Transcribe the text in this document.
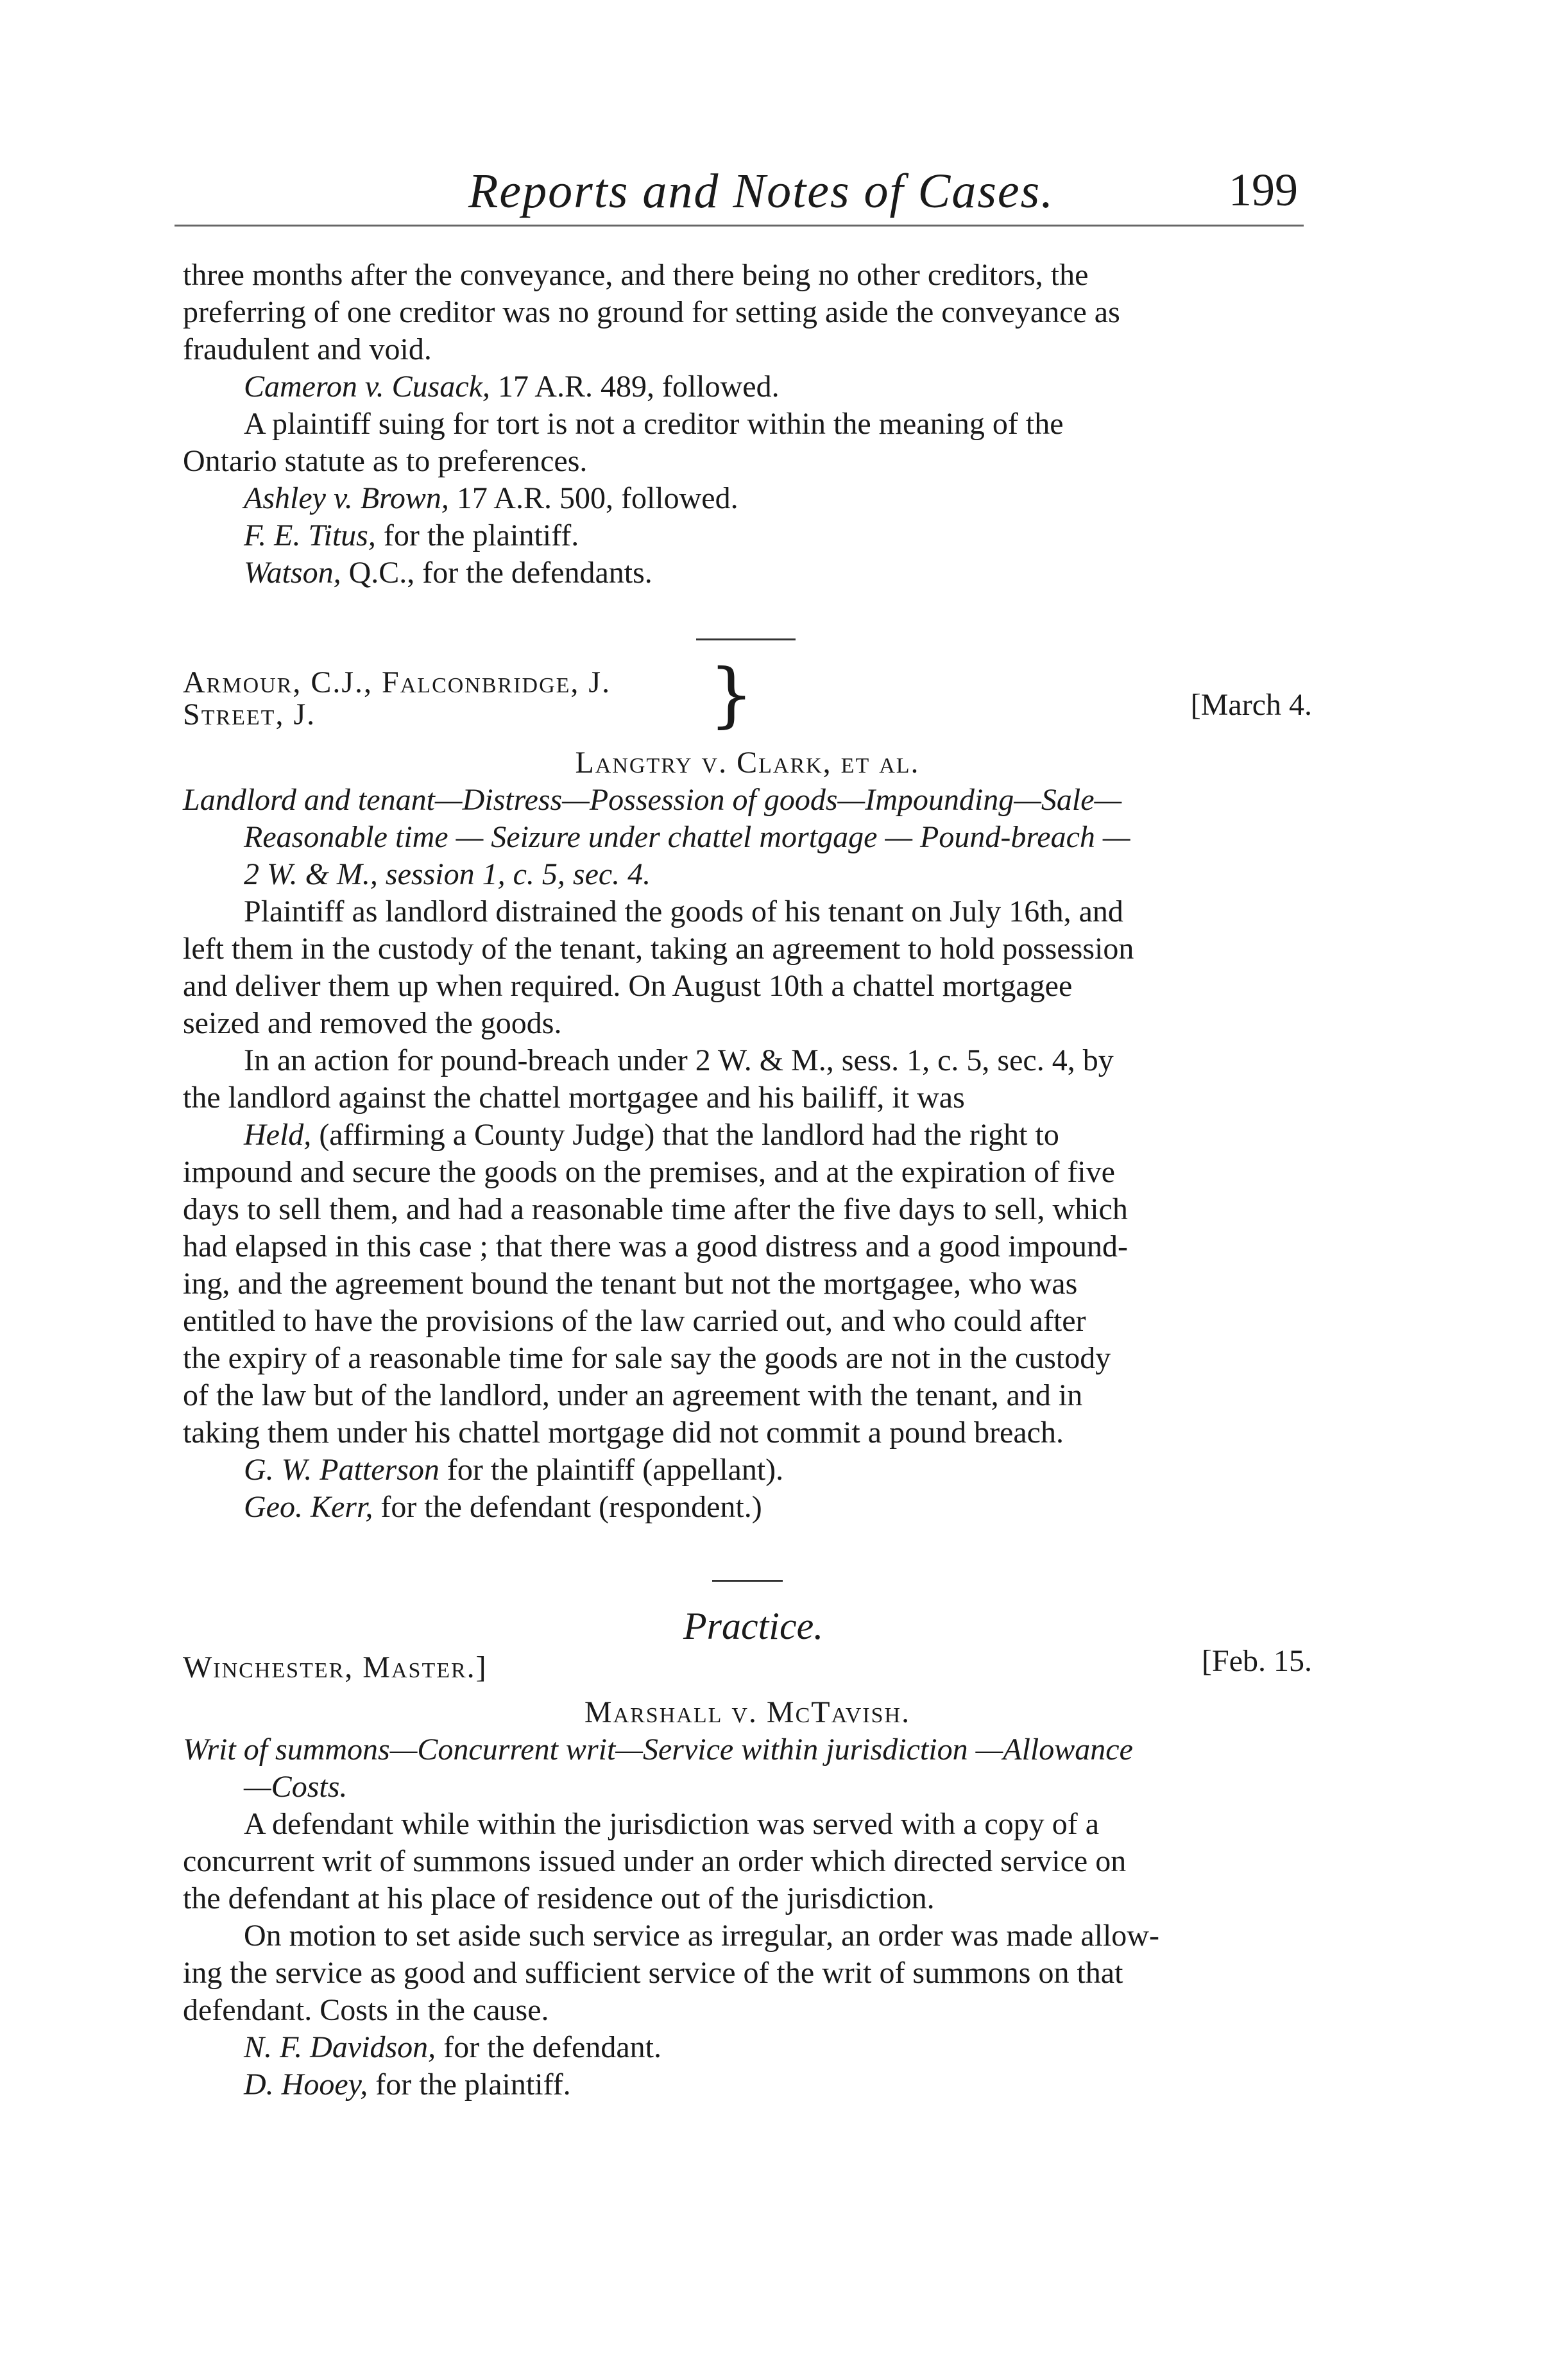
Reports and Notes of Cases.	199
three months after the conveyance, and there being no other creditors, the
preferring of one creditor was no ground for setting aside the conveyance as
fraudulent and void.
Cameron v. Cusack, 17 A.R. 489, followed.
A plaintiff suing for tort is not a creditor within the meaning of the
Ontario statute as to preferences.
Ashley v. Brown, 17 A.R. 500, followed.
F. E. Titus, for the plaintiff.
Watson, Q.C., for the defendants.
Armour, C.J., Falconbridge, J.
Street, J.	}	[March 4.
Langtry v. Clark, et al.
Landlord and tenant—Distress—Possession of goods—Impounding—Sale—
Reasonable time — Seizure under chattel mortgage — Pound-breach —
2 W. & M., session 1, c. 5, sec. 4.
Plaintiff as landlord distrained the goods of his tenant on July 16th, and
left them in the custody of the tenant, taking an agreement to hold possession
and deliver them up when required. On August 10th a chattel mortgagee
seized and removed the goods.
In an action for pound-breach under 2 W. & M., sess. 1, c. 5, sec. 4, by
the landlord against the chattel mortgagee and his bailiff, it was
Held, (affirming a County Judge) that the landlord had the right to
impound and secure the goods on the premises, and at the expiration of five
days to sell them, and had a reasonable time after the five days to sell, which
had elapsed in this case ; that there was a good distress and a good impound-
ing, and the agreement bound the tenant but not the mortgagee, who was
entitled to have the provisions of the law carried out, and who could after
the expiry of a reasonable time for sale say the goods are not in the custody
of the law but of the landlord, under an agreement with the tenant, and in
taking them under his chattel mortgage did not commit a pound breach.
G. W. Patterson for the plaintiff (appellant).
Geo. Kerr, for the defendant (respondent.)
Practice.
Winchester, Master.]	[Feb. 15.
Marshall v. McTavish.
Writ of summons—Concurrent writ—Service within jurisdiction —Allowance
—Costs.
A defendant while within the jurisdiction was served with a copy of a
concurrent writ of summons issued under an order which directed service on
the defendant at his place of residence out of the jurisdiction.
On motion to set aside such service as irregular, an order was made allow-
ing the service as good and sufficient service of the writ of summons on that
defendant. Costs in the cause.
N. F. Davidson, for the defendant.
D. Hooey, for the plaintiff.
